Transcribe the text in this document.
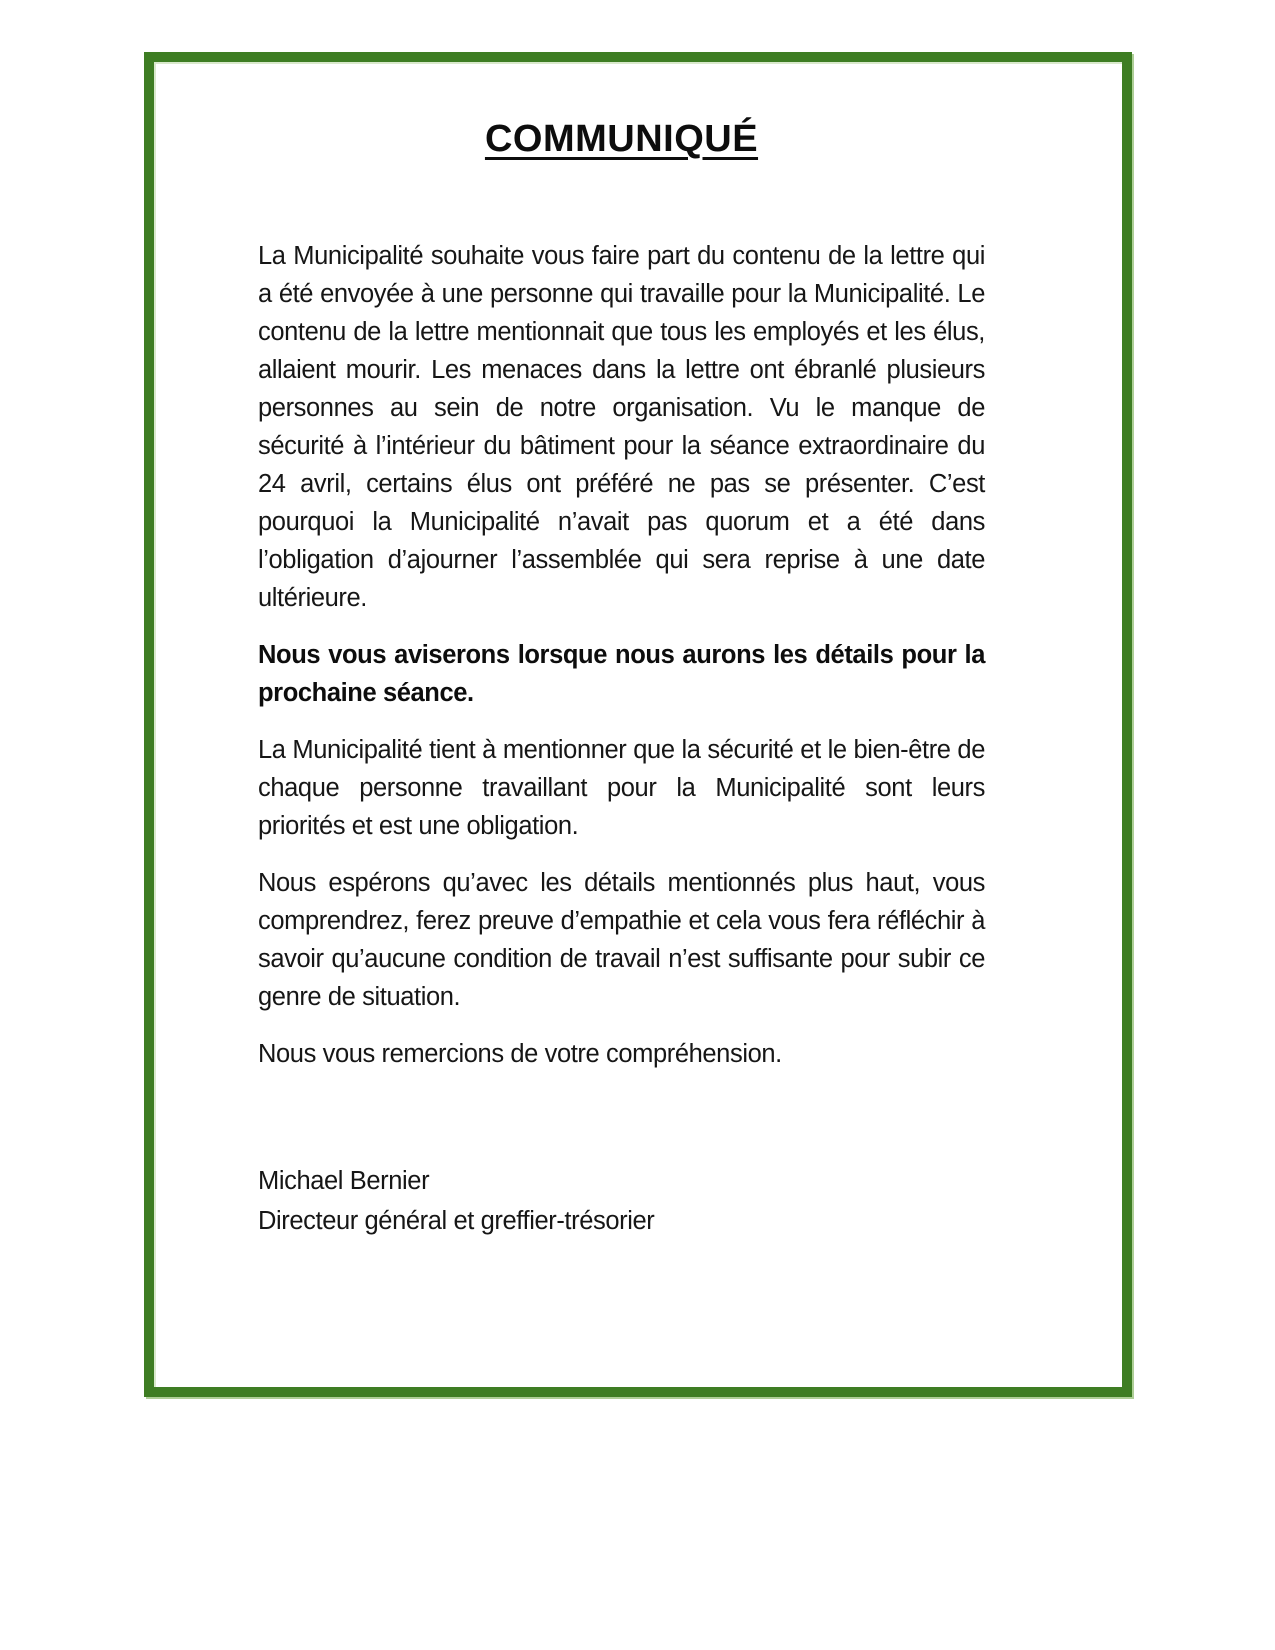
COMMUNIQUÉ

La Municipalité souhaite vous faire part du contenu de la lettre qui a été envoyée à une personne qui travaille pour la Municipalité. Le contenu de la lettre mentionnait que tous les employés et les élus, allaient mourir. Les menaces dans la lettre ont ébranlé plusieurs personnes au sein de notre organisation. Vu le manque de sécurité à l’intérieur du bâtiment pour la séance extraordinaire du 24 avril, certains élus ont préféré ne pas se présenter. C’est pourquoi la Municipalité n’avait pas quorum et a été dans l’obligation d’ajourner l’assemblée qui sera reprise à une date ultérieure.

Nous vous aviserons lorsque nous aurons les détails pour la prochaine séance.

La Municipalité tient à mentionner que la sécurité et le bien-être de chaque personne travaillant pour la Municipalité sont leurs priorités et est une obligation.

Nous espérons qu’avec les détails mentionnés plus haut, vous comprendrez, ferez preuve d’empathie et cela vous fera réfléchir à savoir qu’aucune condition de travail n’est suffisante pour subir ce genre de situation.

Nous vous remercions de votre compréhension.

Michael Bernier
Directeur général et greffier-trésorier
